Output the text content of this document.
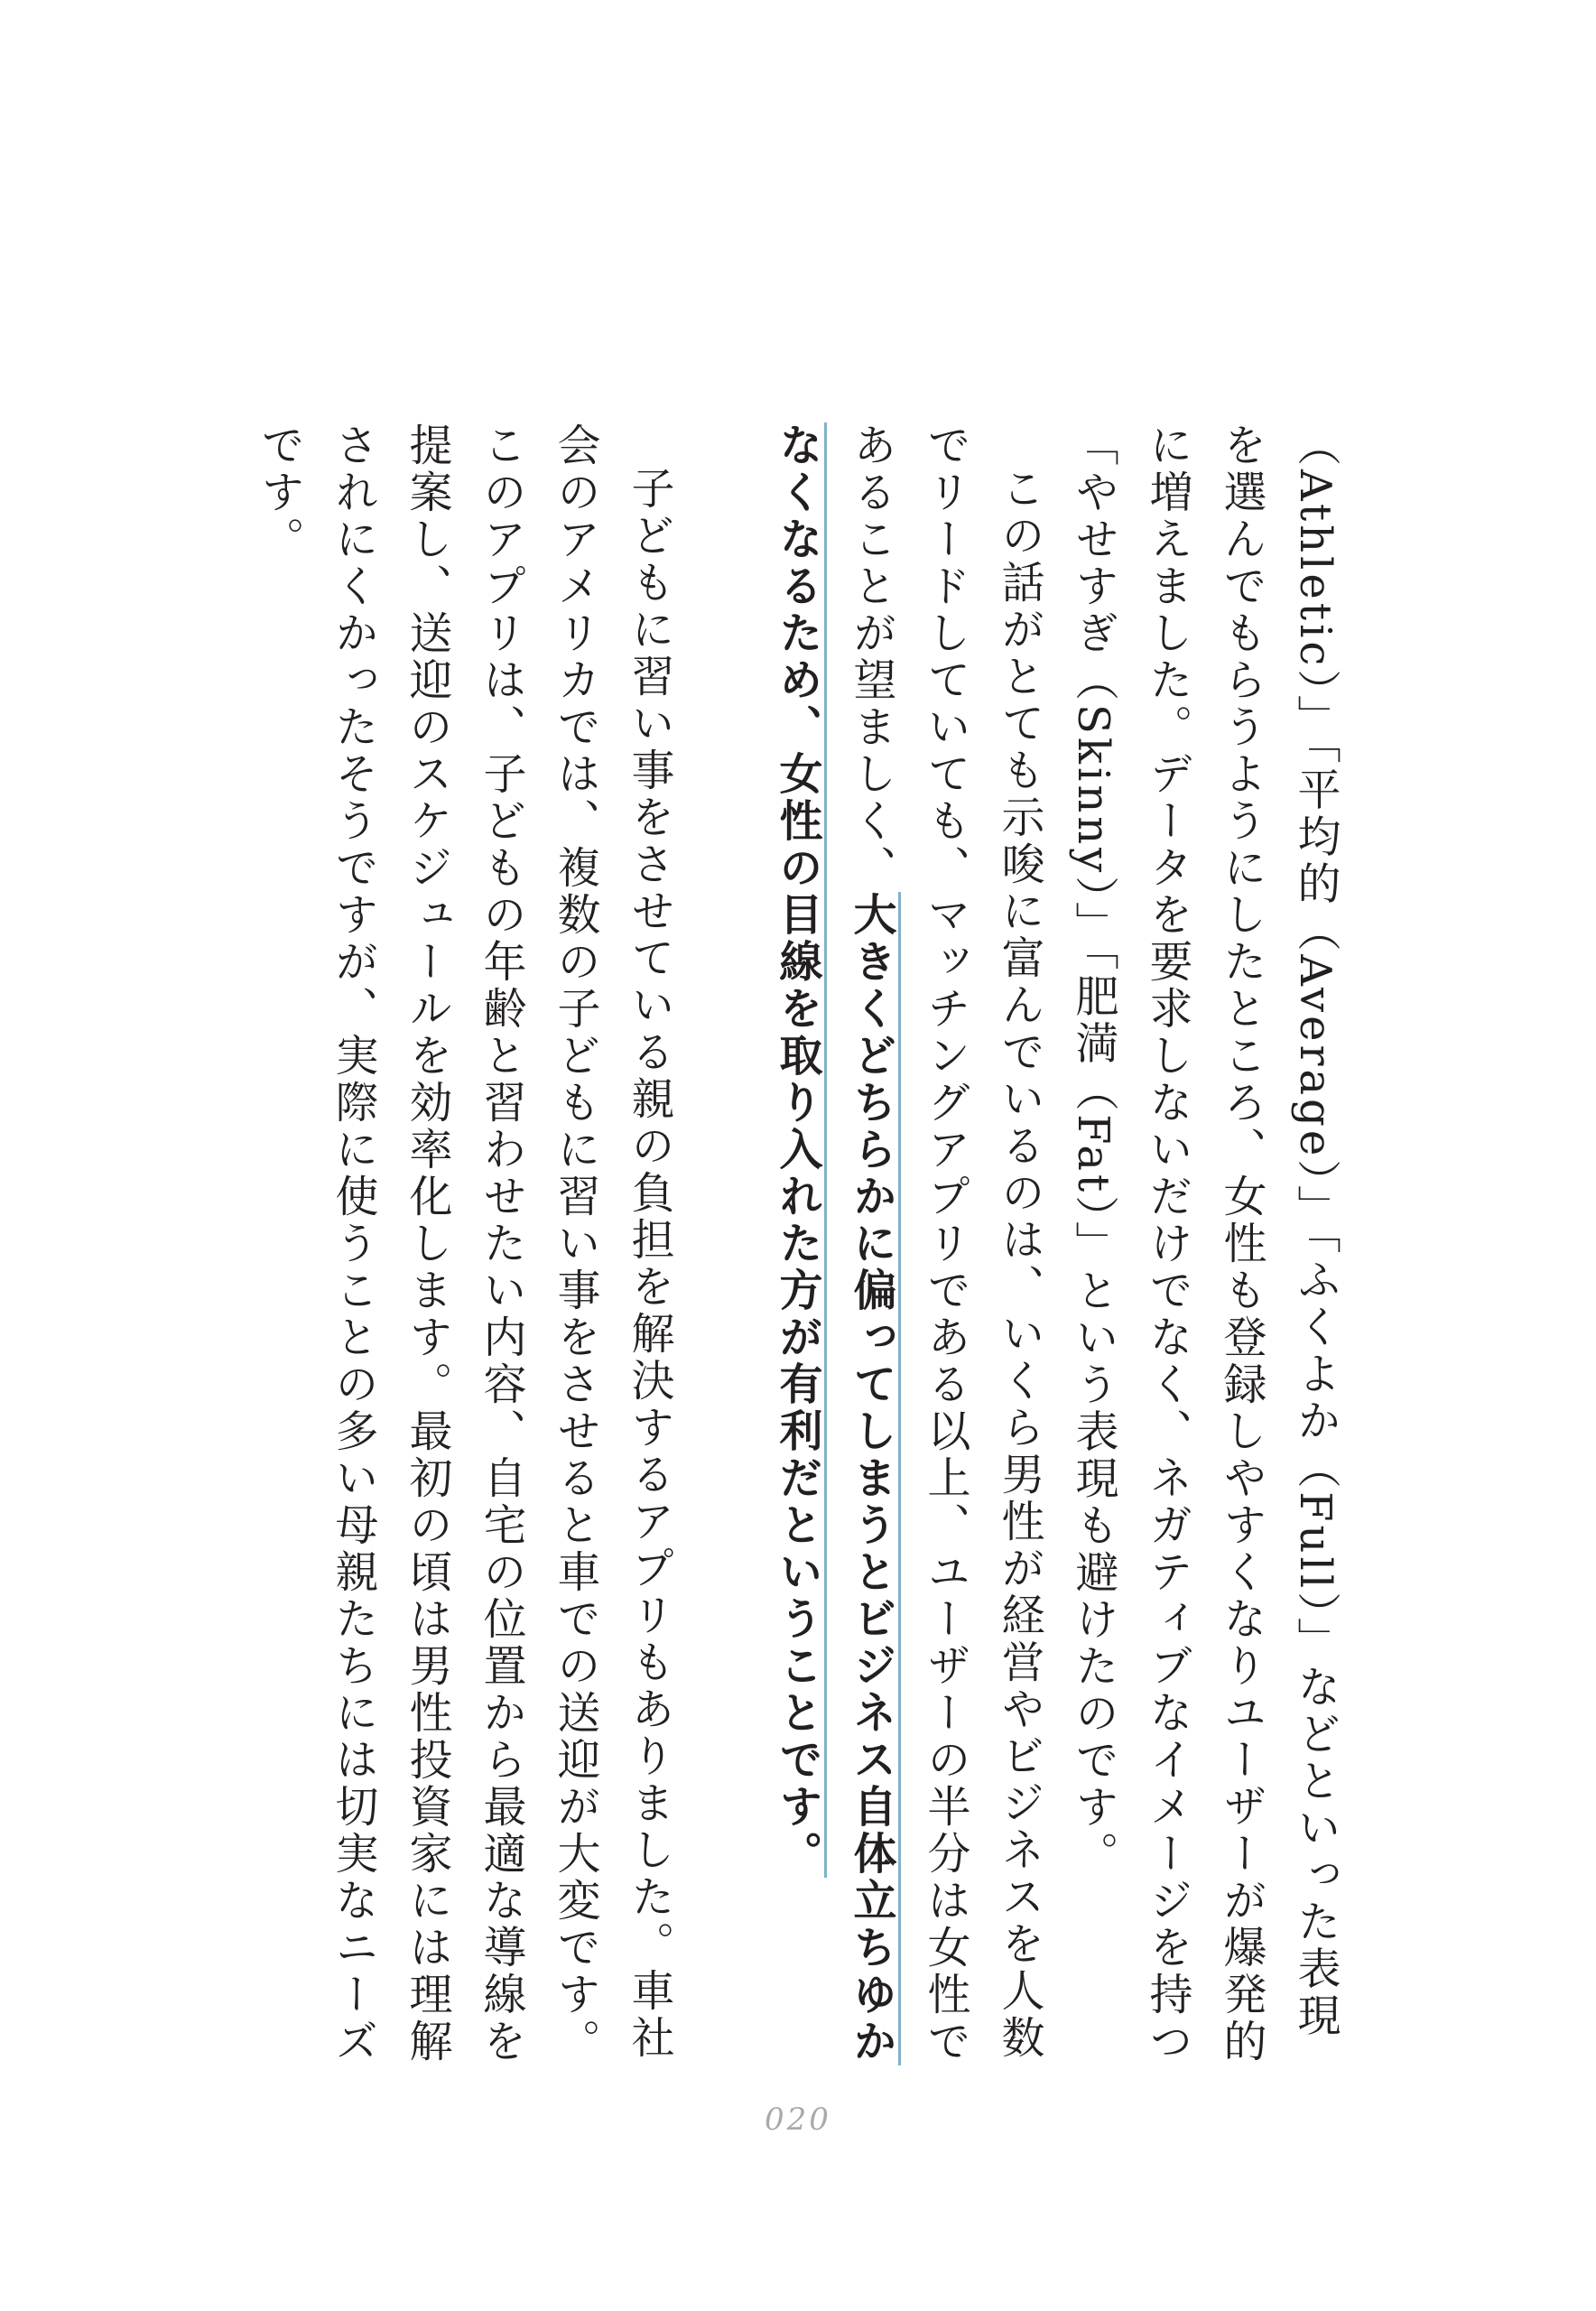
（Athletic）」「平均的（Average）」「ふくよか（Full）」などといった表現を選んでもらうようにしたところ、女性も登録しやすくなりユーザーが爆発的に増えました。データを要求しないだけでなく、ネガティブなイメージを持つ「やせすぎ（Skinny）」「肥満（Fat）」という表現も避けたのです。

この話がとても示唆に富んでいるのは、いくら男性が経営やビジネスを人数でリードしていても、マッチングアプリである以上、ユーザーの半分は女性であることが望ましく、大きくどちらかに偏ってしまうとビジネス自体立ちゆかなくなるため、女性の目線を取り入れた方が有利だということです。

子どもに習い事をさせている親の負担を解決するアプリもありました。車社会のアメリカでは、複数の子どもに習い事をさせると車での送迎が大変です。このアプリは、子どもの年齢と習わせたい内容、自宅の位置から最適な導線を提案し、送迎のスケジュールを効率化します。最初の頃は男性投資家には理解されにくかったそうですが、実際に使うことの多い母親たちには切実なニーズです。

020
